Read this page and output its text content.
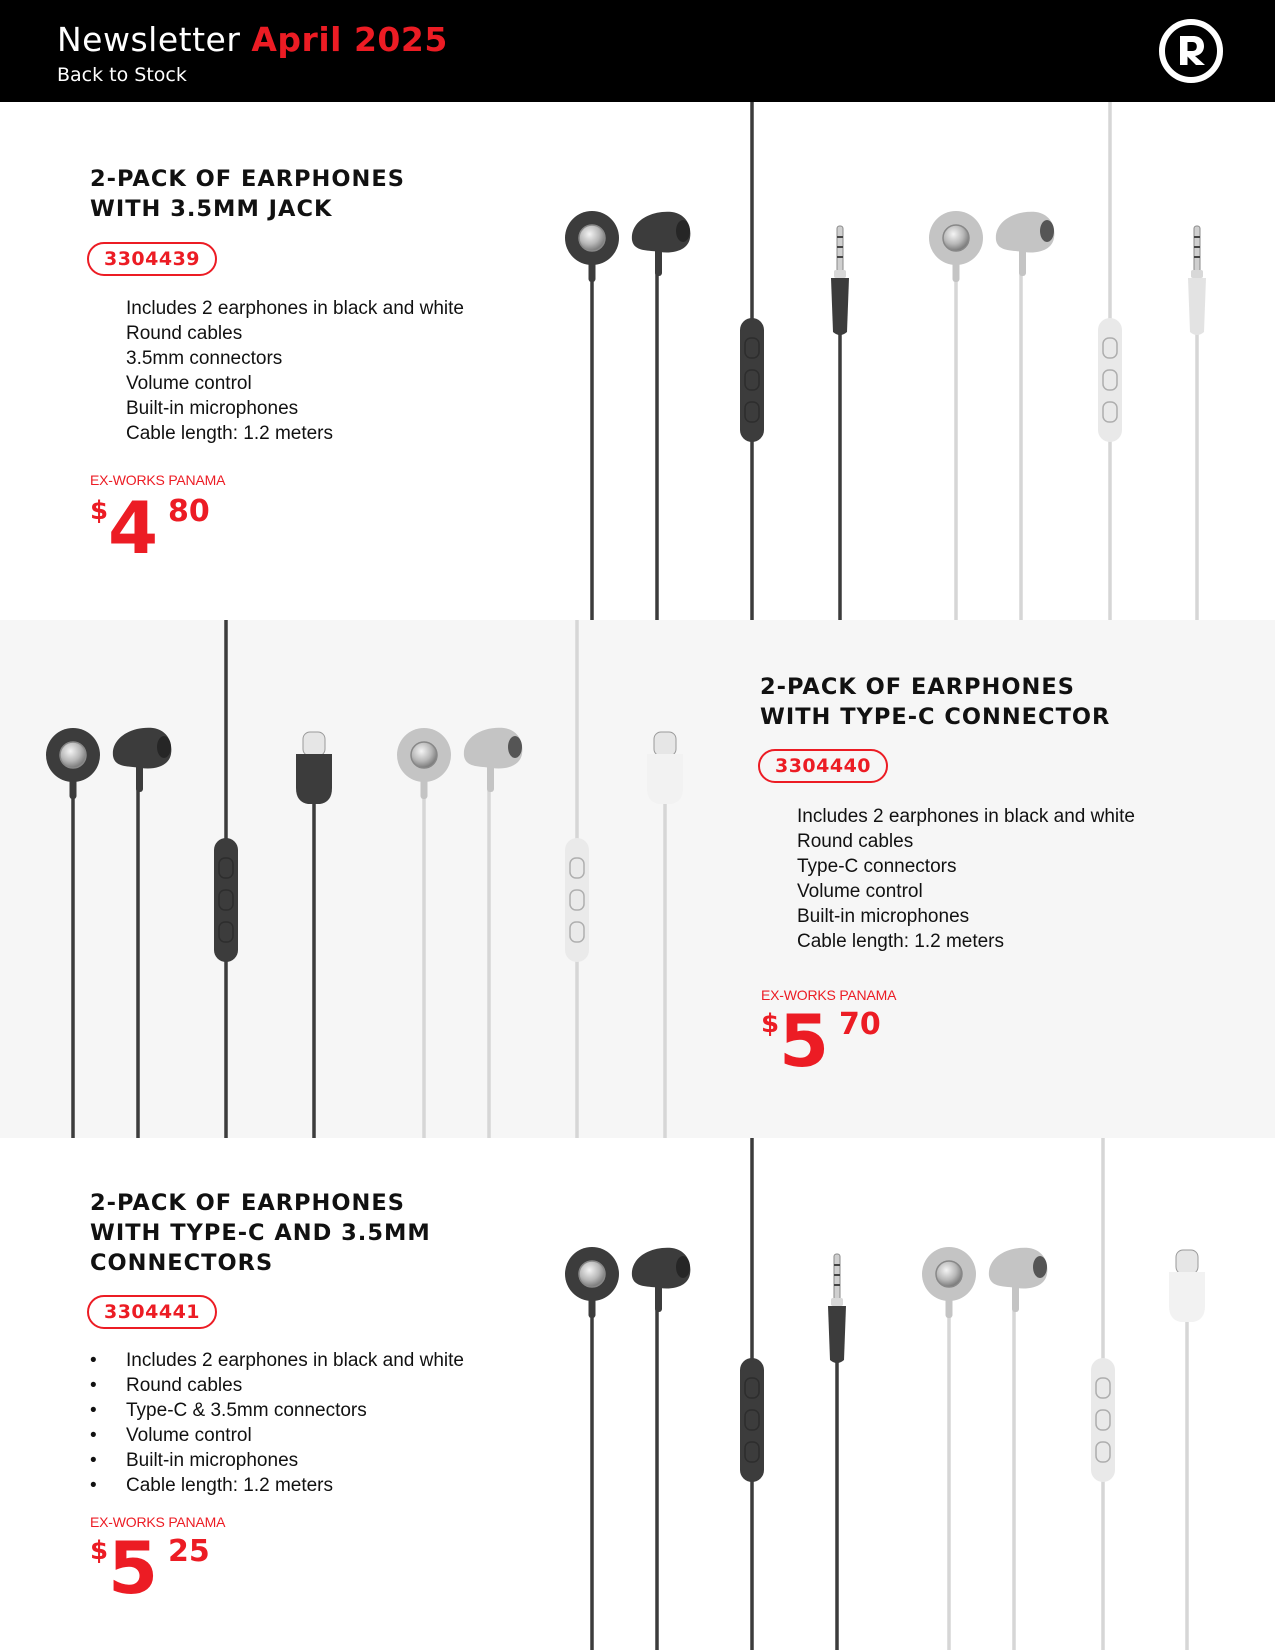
Newsletter April 2025
Back to Stock
2-PACK OF EARPHONES
WITH 3.5MM JACK
3304439
Includes 2 earphones in black and white
Round cables
3.5mm connectors
Volume control
Built-in microphones
Cable length: 1.2 meters
EX-WORKS PANAMA
$ 4 80
2-PACK OF EARPHONES
WITH TYPE-C CONNECTOR
3304440
Includes 2 earphones in black and white
Round cables
Type-C connectors
Volume control
Built-in microphones
Cable length: 1.2 meters
EX-WORKS PANAMA
$ 5 70
2-PACK OF EARPHONES
WITH TYPE-C AND 3.5MM
CONNECTORS
3304441
• Includes 2 earphones in black and white
• Round cables
• Type-C & 3.5mm connectors
• Volume control
• Built-in microphones
• Cable length: 1.2 meters
EX-WORKS PANAMA
$ 5 25
